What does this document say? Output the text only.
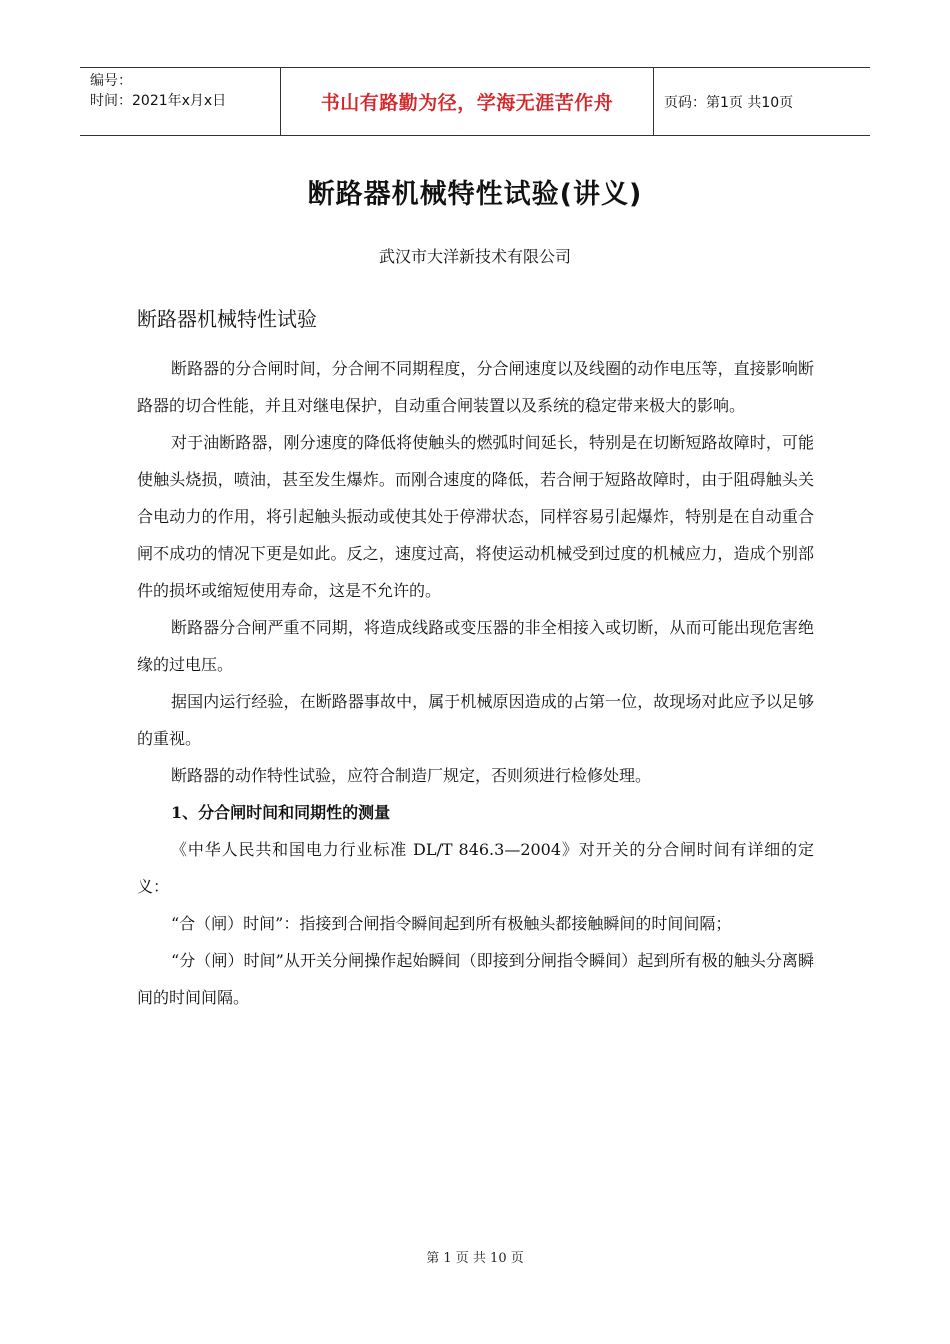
编号：
时间：2021年x月x日	书山有路勤为径，学海无涯苦作舟	页码：第1页 共10页
断路器机械特性试验(讲义)
武汉市大洋新技术有限公司
断路器机械特性试验

断路器的分合闸时间，分合闸不同期程度，分合闸速度以及线圈的动作电压等，直接影响断路器的切合性能，并且对继电保护，自动重合闸装置以及系统的稳定带来极大的影响。

对于油断路器，刚分速度的降低将使触头的燃弧时间延长，特别是在切断短路故障时，可能使触头烧损，喷油，甚至发生爆炸。而刚合速度的降低，若合闸于短路故障时，由于阻碍触头关合电动力的作用，将引起触头振动或使其处于停滞状态，同样容易引起爆炸，特别是在自动重合闸不成功的情况下更是如此。反之，速度过高，将使运动机械受到过度的机械应力，造成个别部件的损坏或缩短使用寿命，这是不允许的。

断路器分合闸严重不同期，将造成线路或变压器的非全相接入或切断，从而可能出现危害绝缘的过电压。

据国内运行经验，在断路器事故中，属于机械原因造成的占第一位，故现场对此应予以足够的重视。

断路器的动作特性试验，应符合制造厂规定，否则须进行检修处理。

1、分合闸时间和同期性的测量

《中华人民共和国电力行业标准 DL/T 846.3—2004》对开关的分合闸时间有详细的定义：

“合（闸）时间”：指接到合闸指令瞬间起到所有极触头都接触瞬间的时间间隔；

“分（闸）时间”从开关分闸操作起始瞬间（即接到分闸指令瞬间）起到所有极的触头分离瞬间的时间间隔。

第 1 页 共 10 页
